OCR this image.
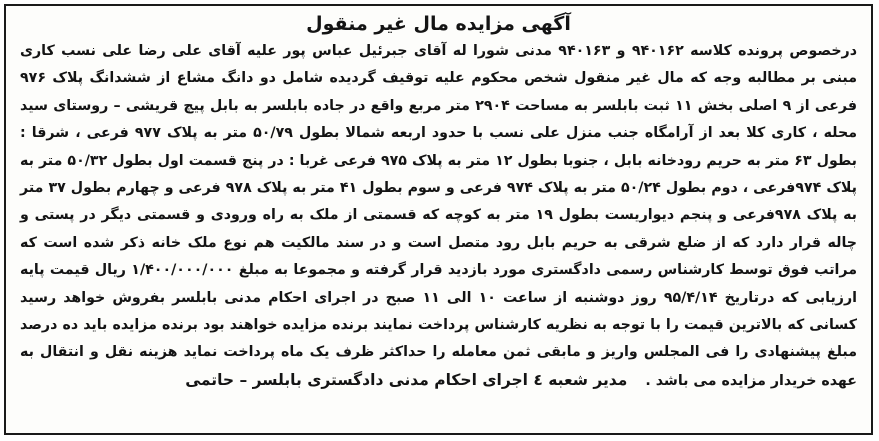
آگهی مزایده مال غیر منقول

درخصوص پرونده کلاسه ۹۴۰۱۶۲ و ۹۴۰۱۶۳ مدنی شورا له آقای جبرئیل عباس پور علیه آقای علی رضا علی نسب کاری مبنی بر مطالبه وجه که مال غیر منقول شخص محکوم علیه توقیف گردیده شامل دو دانگ مشاع از ششدانگ پلاک ۹۷۶ فرعی از ۹ اصلی بخش ۱۱ ثبت بابلسر به مساحت ۲۹۰۴ متر مربع واقع در جاده بابلسر به بابل پیچ قریشی – روستای سید محله ، کاری کلا بعد از آرامگاه جنب منزل علی نسب با حدود اربعه شمالا بطول ۵۰/۷۹ متر به پلاک ۹۷۷ فرعی ، شرقا : بطول ۶۳ متر به حریم رودخانه بابل ، جنوبا بطول ۱۲ متر به پلاک ۹۷۵ فرعی غربا : در پنج قسمت اول بطول ۵۰/۳۲ متر به پلاک ۹۷۴فرعی ، دوم بطول ۵۰/۲۴ متر به پلاک ۹۷۴ فرعی و سوم بطول ۴۱ متر به پلاک ۹۷۸ فرعی و چهارم بطول ۳۷ متر به پلاک ۹۷۸فرعی و پنجم دیواریست بطول ۱۹ متر به کوچه که قسمتی از ملک به راه ورودی و قسمتی دیگر در پستی و چاله قرار دارد که از ضلع شرقی به حریم بابل رود متصل است و در سند مالکیت هم نوع ملک خانه ذکر شده است که مراتب فوق توسط کارشناس رسمی دادگستری مورد بازدید قرار گرفته و مجموعا به مبلغ ۱/۴۰۰/۰۰۰/۰۰۰ ریال قیمت پایه ارزیابی که درتاریخ ۹۵/۴/۱۴ روز دوشنبه از ساعت ۱۰ الی ۱۱ صبح در اجرای احکام مدنی بابلسر بفروش خواهد رسید کسانی که بالاترین قیمت را با توجه به نظریه کارشناس پرداخت نمایند برنده مزایده خواهند بود برنده مزایده باید ده درصد مبلغ پیشنهادی را فی المجلس واریز و مابقی ثمن معامله را حداکثر ظرف یک ماه پرداخت نماید هزینه نقل و انتقال به عهده خریدار مزایده می باشد .مدیر شعبه ٤ اجرای احکام مدنی دادگستری بابلسر – حاتمی
